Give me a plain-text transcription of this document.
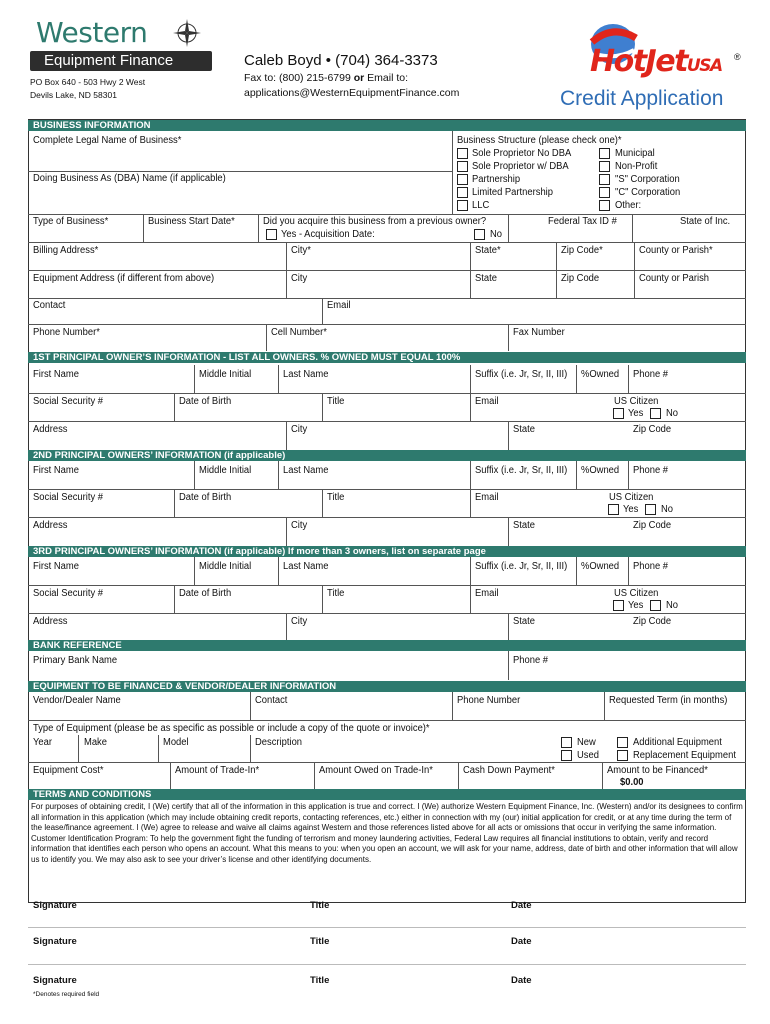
Western
Equipment Finance
PO Box 640 - 503 Hwy 2 West
Devils Lake, ND 58301
Caleb Boyd • (704) 364-3373
Fax to: (800) 215-6799 or Email to:
applications@WesternEquipmentFinance.com
HotJetUSA ®
Credit Application
BUSINESS INFORMATION
Complete Legal Name of Business*
Doing Business As (DBA) Name (if applicable)
Business Structure (please check one)*
Sole Proprietor No DBA
Sole Proprietor w/ DBA
Partnership
Limited Partnership
LLC
Municipal
Non-Profit
"S" Corporation
"C" Corporation
Other:
Type of Business*	Business Start Date*	Did you acquire this business from a previous owner?
Yes - Acquisition Date:	No
Federal Tax ID #	State of Inc.
Billing Address*	City*	State*	Zip Code*	County or Parish*
Equipment Address (if different from above)	City	State	Zip Code	County or Parish
Contact	Email
Phone Number*	Cell Number*	Fax Number
1ST PRINCIPAL OWNER’S INFORMATION - LIST ALL OWNERS. % OWNED MUST EQUAL 100%
First Name	Middle Initial	Last Name	Suffix (i.e. Jr, Sr, II, III) %Owned Phone #
Social Security #	Date of Birth	Title	Email	US Citizen
Yes No
Address	City	State	Zip Code
2ND PRINCIPAL OWNERS’ INFORMATION (if applicable)
First Name	Middle Initial	Last Name	Suffix (i.e. Jr, Sr, II, III) %Owned Phone #
Social Security #	Date of Birth	Title	Email	US Citizen
Yes No
Address	City	State	Zip Code
3RD PRINCIPAL OWNERS’ INFORMATION (if applicable) If more than 3 owners, list on separate page
First Name	Middle Initial	Last Name	Suffix (i.e. Jr, Sr, II, III) %Owned Phone #
Social Security #	Date of Birth	Title	Email	US Citizen
Yes No
Address	City	State	Zip Code
BANK REFERENCE
Primary Bank Name	Phone #
EQUIPMENT TO BE FINANCED & VENDOR/DEALER INFORMATION
Vendor/Dealer Name	Contact	Phone Number	Requested Term (in months)
Type of Equipment (please be as specific as possible or include a copy of the quote or invoice)*
Year	Make	Model	Description	New
Used
Additional Equipment
Replacement Equipment
Equipment Cost*	Amount of Trade-In*	Amount Owed on Trade-In*	Cash Down Payment*	Amount to be Financed*
$0.00
TERMS AND CONDITIONS
For purposes of obtaining credit, I (We) certify that all of the information in this application is true and correct. I (We) authorize Western Equipment Finance, Inc. (Western) and/or its designees to confirm all information in this application (which may include obtaining credit reports, contacting references, etc.) either in connection with my (our) initial application for credit, or at any time during the term of the lease/finance agreement. I (We) agree to release and waive all claims against Western and those references listed above for all acts or omissions that occur in verifying the same information. Customer Identification Program: To help the government fight the funding of terrorism and money laundering activities, Federal Law requires all financial institutions to obtain, verify and record information that identifies each person who opens an account. What this means to you: when you open an account, we will ask for your name, address, date of birth and other information that will allow us to identify you. We may also ask to see your driver’s license and other identifying documents.
Signature	Title	Date
Signature	Title	Date
Signature	Title	Date
*Denotes required field
